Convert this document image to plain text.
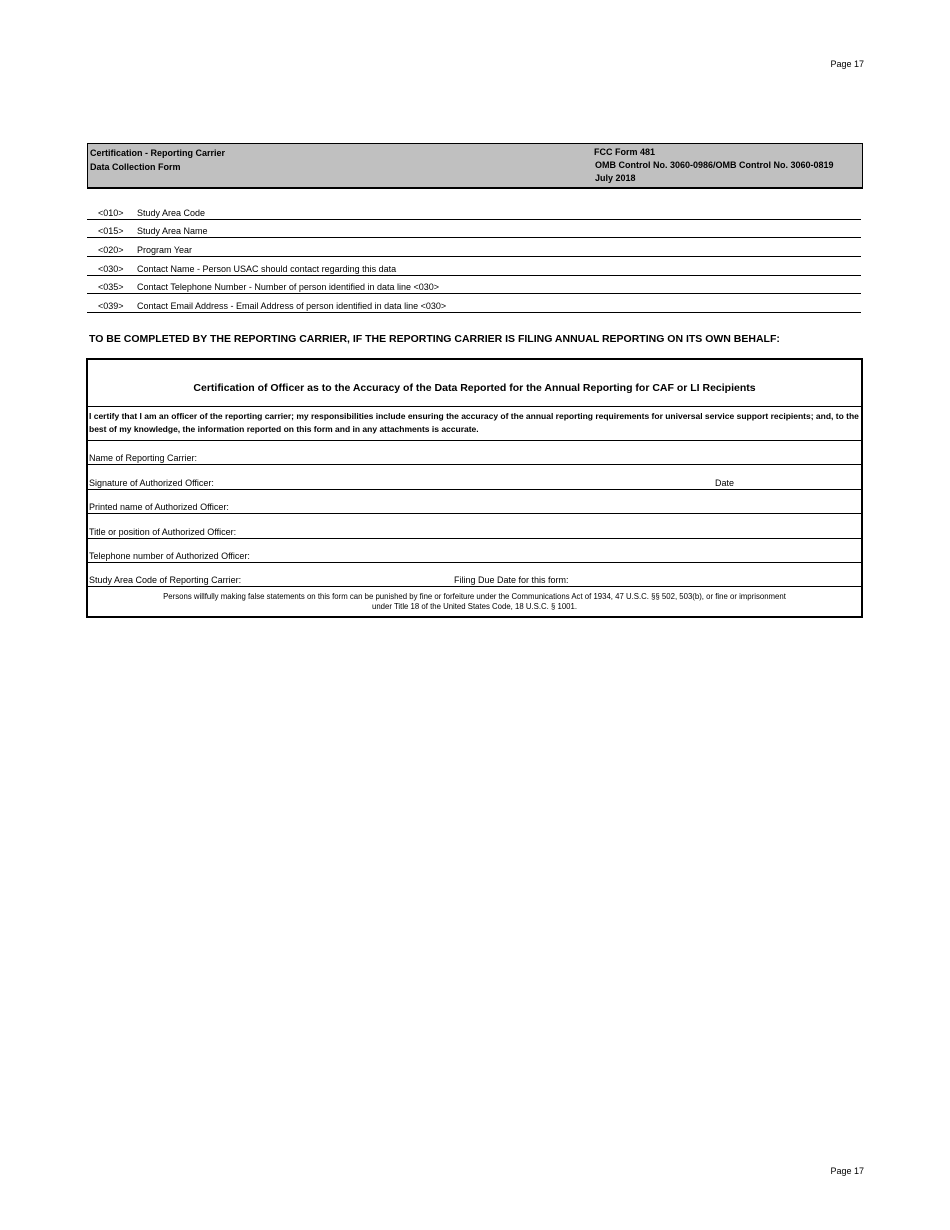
Page 17
Certification - Reporting Carrier
Data Collection Form
FCC Form 481
OMB Control No. 3060-0986/OMB Control No. 3060-0819
July 2018
<010> Study Area Code
<015> Study Area Name
<020> Program Year
<030> Contact Name - Person USAC should contact regarding this data
<035> Contact Telephone Number - Number of person identified in data line <030>
<039> Contact Email Address - Email Address of person identified in data line <030>
TO BE COMPLETED BY THE REPORTING CARRIER, IF THE REPORTING CARRIER IS FILING ANNUAL REPORTING ON ITS OWN BEHALF:
Certification of Officer as to the Accuracy of the Data Reported for the Annual Reporting for CAF or LI Recipients
I certify that I am an officer of the reporting carrier; my responsibilities include ensuring the accuracy of the annual reporting requirements for universal service support recipients; and, to the best of my knowledge, the information reported on this form and in any attachments is accurate.
Name of Reporting Carrier:
Signature of Authorized Officer:	Date
Printed name of Authorized Officer:
Title or position of Authorized Officer:
Telephone number of Authorized Officer:
Study Area Code of Reporting Carrier:	Filing Due Date for this form:
Persons willfully making false statements on this form can be punished by fine or forfeiture under the Communications Act of 1934, 47 U.S.C. §§ 502, 503(b), or fine or imprisonment
under Title 18 of the United States Code, 18 U.S.C. § 1001.
Page 17
